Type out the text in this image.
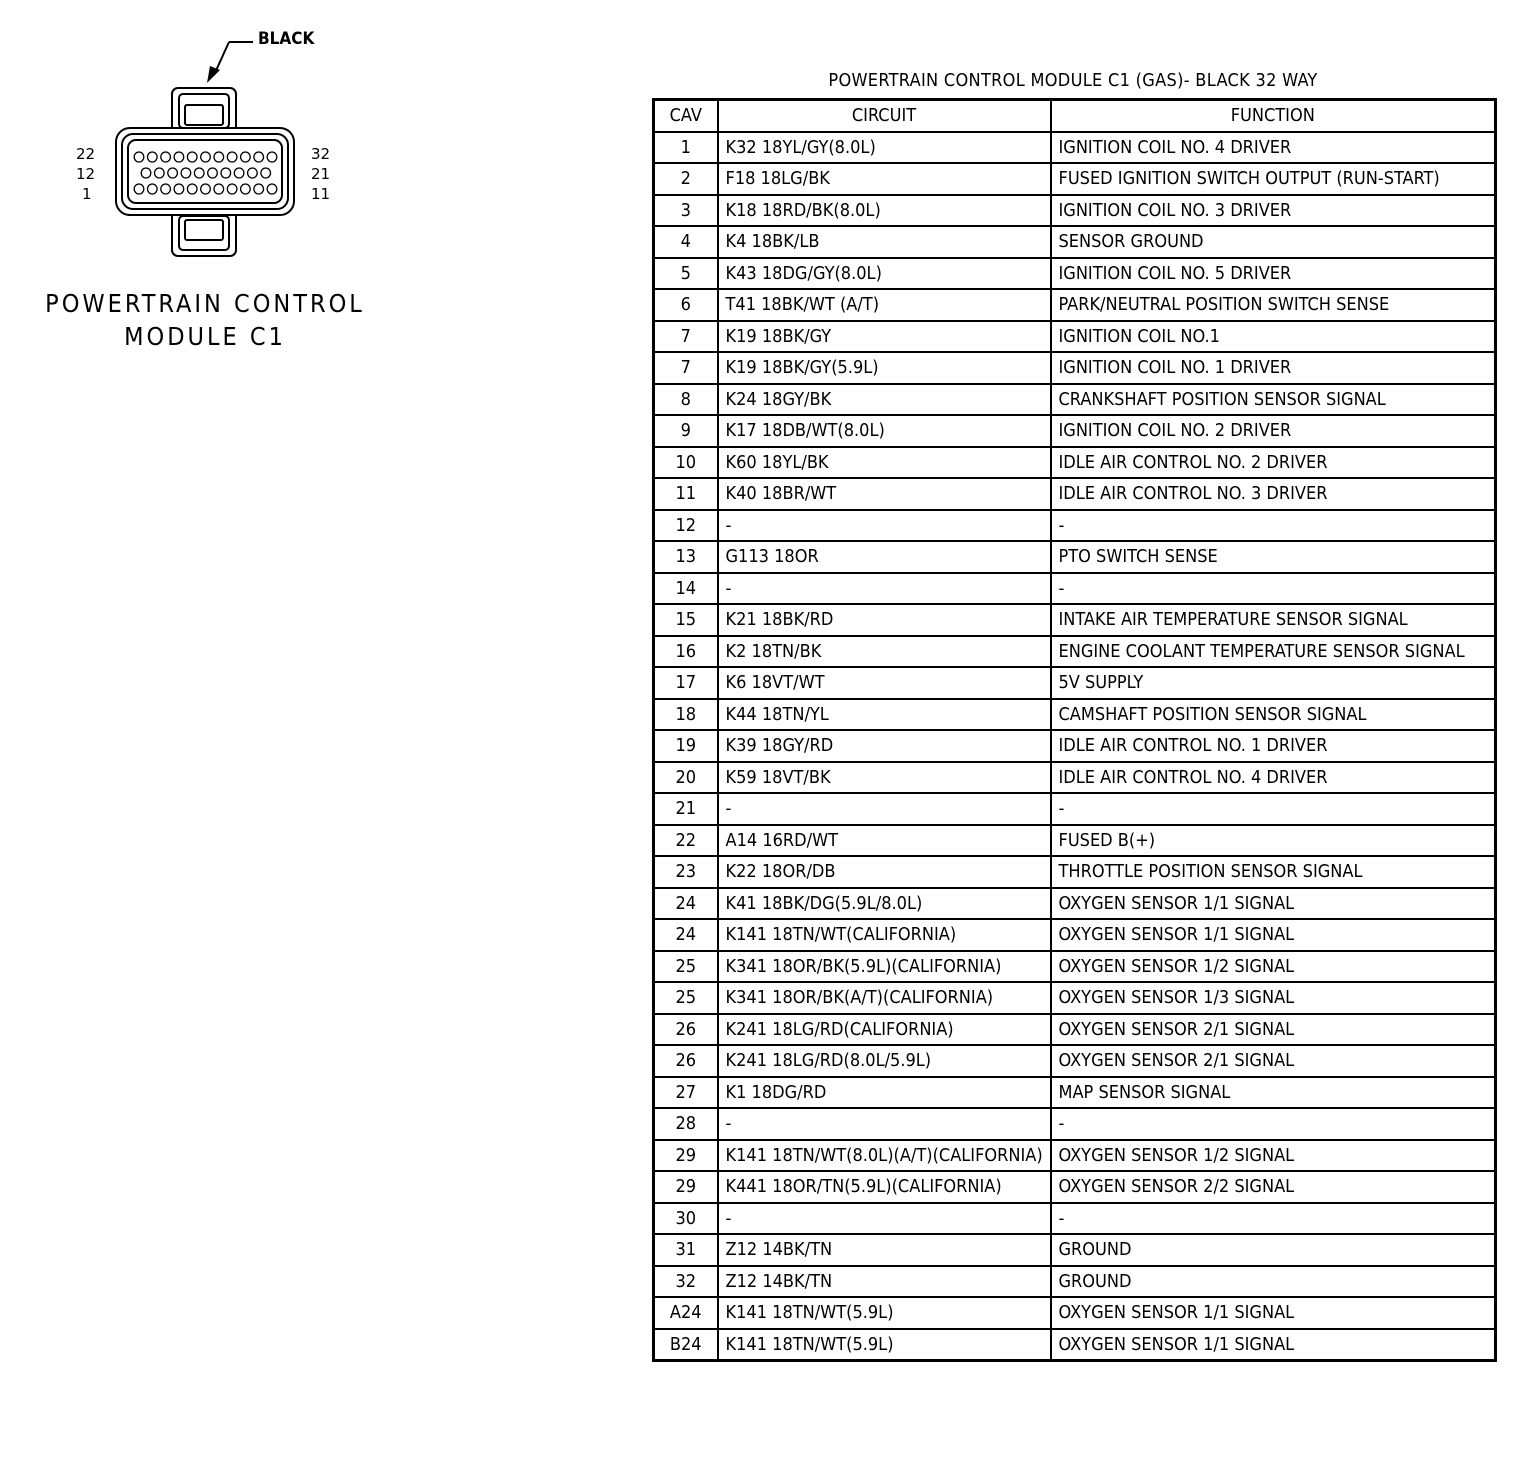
22
12
1
32
21
11
BLACK
POWERTRAIN CONTROL
MODULE C1
POWERTRAIN CONTROL MODULE C1 (GAS)- BLACK 32 WAY
CAV	CIRCUIT	FUNCTION
1	K32 18YL/GY(8.0L)	IGNITION COIL NO. 4 DRIVER
2	F18 18LG/BK	FUSED IGNITION SWITCH OUTPUT (RUN-START)
3	K18 18RD/BK(8.0L)	IGNITION COIL NO. 3 DRIVER
4	K4 18BK/LB	SENSOR GROUND
5	K43 18DG/GY(8.0L)	IGNITION COIL NO. 5 DRIVER
6	T41 18BK/WT (A/T)	PARK/NEUTRAL POSITION SWITCH SENSE
7	K19 18BK/GY	IGNITION COIL NO.1
7	K19 18BK/GY(5.9L)	IGNITION COIL NO. 1 DRIVER
8	K24 18GY/BK	CRANKSHAFT POSITION SENSOR SIGNAL
9	K17 18DB/WT(8.0L)	IGNITION COIL NO. 2 DRIVER
10	K60 18YL/BK	IDLE AIR CONTROL NO. 2 DRIVER
11	K40 18BR/WT	IDLE AIR CONTROL NO. 3 DRIVER
12	-	-
13	G113 18OR	PTO SWITCH SENSE
14	-	-
15	K21 18BK/RD	INTAKE AIR TEMPERATURE SENSOR SIGNAL
16	K2 18TN/BK	ENGINE COOLANT TEMPERATURE SENSOR SIGNAL
17	K6 18VT/WT	5V SUPPLY
18	K44 18TN/YL	CAMSHAFT POSITION SENSOR SIGNAL
19	K39 18GY/RD	IDLE AIR CONTROL NO. 1 DRIVER
20	K59 18VT/BK	IDLE AIR CONTROL NO. 4 DRIVER
21	-	-
22	A14 16RD/WT	FUSED B(+)
23	K22 18OR/DB	THROTTLE POSITION SENSOR SIGNAL
24	K41 18BK/DG(5.9L/8.0L)	OXYGEN SENSOR 1/1 SIGNAL
24	K141 18TN/WT(CALIFORNIA)	OXYGEN SENSOR 1/1 SIGNAL
25	K341 18OR/BK(5.9L)(CALIFORNIA)	OXYGEN SENSOR 1/2 SIGNAL
25	K341 18OR/BK(A/T)(CALIFORNIA)	OXYGEN SENSOR 1/3 SIGNAL
26	K241 18LG/RD(CALIFORNIA)	OXYGEN SENSOR 2/1 SIGNAL
26	K241 18LG/RD(8.0L/5.9L)	OXYGEN SENSOR 2/1 SIGNAL
27	K1 18DG/RD	MAP SENSOR SIGNAL
28	-	-
29	K141 18TN/WT(8.0L)(A/T)(CALIFORNIA)	OXYGEN SENSOR 1/2 SIGNAL
29	K441 18OR/TN(5.9L)(CALIFORNIA)	OXYGEN SENSOR 2/2 SIGNAL
30	-	-
31	Z12 14BK/TN	GROUND
32	Z12 14BK/TN	GROUND
A24	K141 18TN/WT(5.9L)	OXYGEN SENSOR 1/1 SIGNAL
B24	K141 18TN/WT(5.9L)	OXYGEN SENSOR 1/1 SIGNAL
